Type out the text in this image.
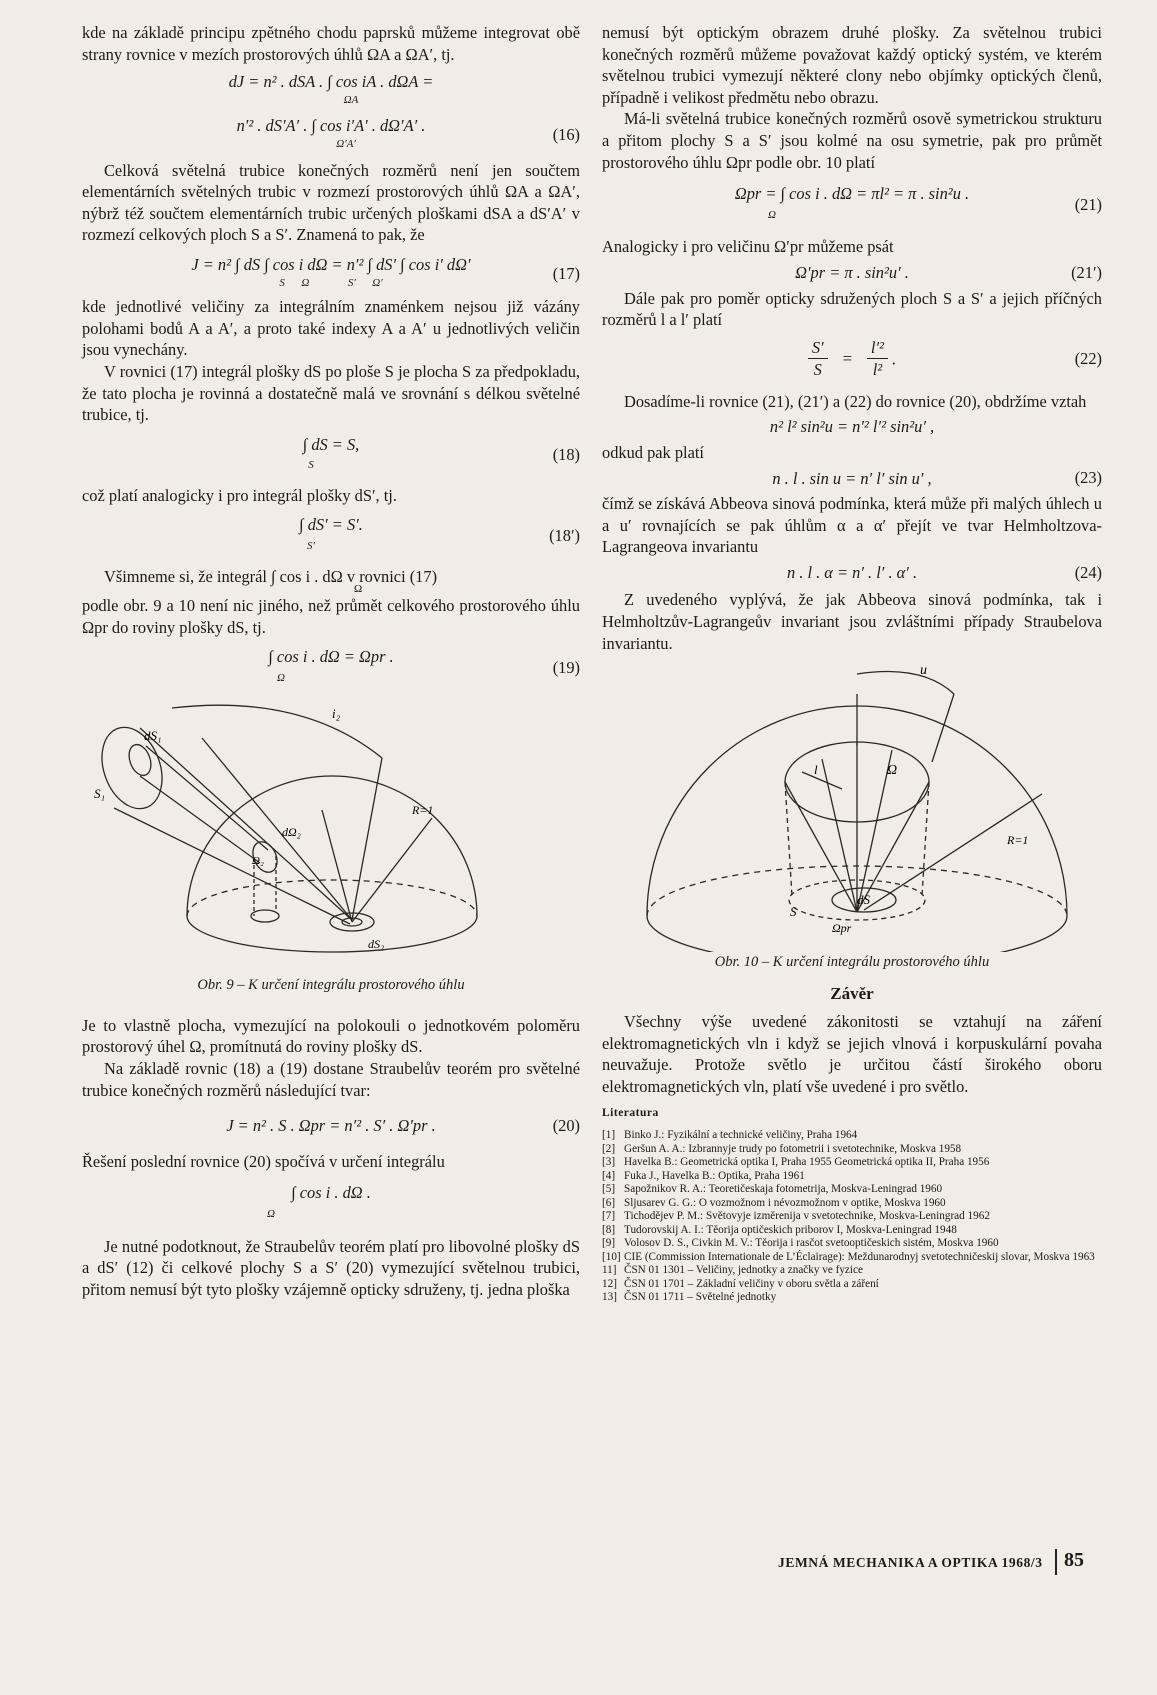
kde na základě principu zpětného chodu paprsků můžeme integrovat obě strany rovnice v mezích prostorových úhlů ΩA a ΩA′, tj.

dJ = n² . dSA . ∫ cos iA . dΩA =
ΩA
n′² . dS′A′ . ∫ cos i′A′ . dΩ′A′ .	(16)
Ω′A′

Celková světelná trubice konečných rozměrů není jen součtem elementárních světelných trubic v rozmezí prostorových úhlů ΩA a ΩA′, nýbrž též součtem elementárních trubic určených ploškami dSA a dS′A′ v rozmezí celkových ploch S a S′. Znamená to pak, že

J = n² ∫ dS ∫ cos i dΩ = n′² ∫ dS′ ∫ cos i′ dΩ′	(17)
S      Ω              S′      Ω′

kde jednotlivé veličiny za integrálním znaménkem nejsou již vázány polohami bodů A a A′, a proto také indexy A a A′ u jednotlivých veličin jsou vynechány.

V rovnici (17) integrál plošky dS po ploše S je plocha S za předpokladu, že tato plocha je rovinná a dostatečně malá ve srovnání s délkou světelné trubice, tj.

∫ dS = S,
(18)
S

což platí analogicky i pro integrál plošky dS′, tj.

∫ dS′ = S′.
(18′)
S′

Všimneme si, že integrál ∫ cos i . dΩ v rovnici (17)

Ω

podle obr. 9 a 10 není nic jiného, než průmět celkového prostorového úhlu Ωpr do roviny plošky dS, tj.

∫ cos i . dΩ = Ωpr .
(19)
Ω
dS₁
S₁
i₂
dΩ₂
Ω₂
R=1
dS₂
Obr. 9 – K určení integrálu prostorového úhlu

Je to vlastně plocha, vymezující na polokouli o jednotkovém poloměru prostorový úhel Ω, promítnutá do roviny plošky dS.

Na základě rovnic (18) a (19) dostane Straubelův teorém pro světelné trubice konečných rozměrů následující tvar:

J = n² . S . Ωpr = n′² . S′ . Ω′pr .	(20)

Řešení poslední rovnice (20) spočívá v určení integrálu

∫ cos i . dΩ .
Ω

Je nutné podotknout, že Straubelův teorém platí pro libovolné plošky dS a dS′ (12) či celkové plochy S a S′ (20) vymezující světelnou trubici, přitom nemusí být tyto plošky vzájemně opticky sdruženy, tj. jedna ploška

nemusí být optickým obrazem druhé plošky. Za světelnou trubici konečných rozměrů můžeme považovat každý optický systém, ve kterém světelnou trubici vymezují některé clony nebo objímky optických členů, případně i velikost předmětu nebo obrazu.

Má-li světelná trubice konečných rozměrů osově symetrickou strukturu a přitom plochy S a S′ jsou kolmé na osu symetrie, pak pro průmět prostorového úhlu Ωpr podle obr. 10 platí

Ωpr = ∫ cos i . dΩ = πl² = π . sin²u .
(21)
Ω

Analogicky i pro veličinu Ω′pr můžeme psát

Ω′pr = π . sin²u′ .	(21′)

Dále pak pro poměr opticky sdružených ploch S a S′ a jejich příčných rozměrů l a l′ platí

$\frac{S'}{S} = \frac{\text{l′²}}{\text{l²}}$ .	(22)

Dosadíme-li rovnice (21), (21′) a (22) do rovnice (20), obdržíme vztah

n² l² sin²u = n′² l′² sin²u′ ,

odkud pak platí

n . l . sin u = n′ l′ sin u′ ,	(23)

čímž se získává Abbeova sinová podmínka, která může při malých úhlech u a u′ rovnajících se pak úhlům α a α′ přejít ve tvar Helmholtzova-Lagrangeova invariantu

n . l . α = n′ . l′ . α′ .	(24)

Z uvedeného vyplývá, že jak Abbeova sinová podmínka, tak i Helmholtzův-Lagrangeův invariant jsou zvláštními případy Straubelova invariantu.

u
l	Ω
R=1
S
dS
Ωpr
Obr. 10 – K určení integrálu prostorového úhlu
Závěr

Všechny výše uvedené zákonitosti se vztahují na záření elektromagnetických vln i když se jejich vlnová i korpuskulární povaha neuvažuje. Protože světlo je určitou částí širokého oboru elektromagnetických vln, platí vše uvedené i pro světlo.

Literatura
[1] Binko J.: Fyzikální a technické veličiny, Praha 1964
[2] Geršun A. A.: Izbrannyje trudy po fotometrii i svetotechnike, Moskva 1958
[3] Havelka B.: Geometrická optika I, Praha 1955 Geometrická optika II, Praha 1956
[4] Fuka J., Havelka B.: Optika, Praha 1961
[5] Sapožnikov R. A.: Teoretičeskaja fotometrija, Moskva-Leningrad 1960
[6] Sljusarev G. G.: O vozmožnom i névozmožnom v optike, Moskva 1960
[7] Tichodějev P. M.: Světovyje izměrenija v svetotechnike, Moskva-Leningrad 1962
[8] Tudorovskij A. I.: Těorija optičeskich priborov I, Moskva-Leningrad 1948
[9] Volosov D. S., Civkin M. V.: Těorija i rasčot svetooptičeskich sistém, Moskva 1960
[10] CIE (Commission Internationale de L’Éclairage): Meždunarodnyj svetotechničeskij slovar, Moskva 1963
11] ČSN 01 1301 – Veličiny, jednotky a značky ve fyzice
12] ČSN 01 1701 – Základní veličiny v oboru světla a záření
13] ČSN 01 1711 – Světelné jednotky
JEMNÁ MECHANIKA A OPTIKA 1968/3 85
